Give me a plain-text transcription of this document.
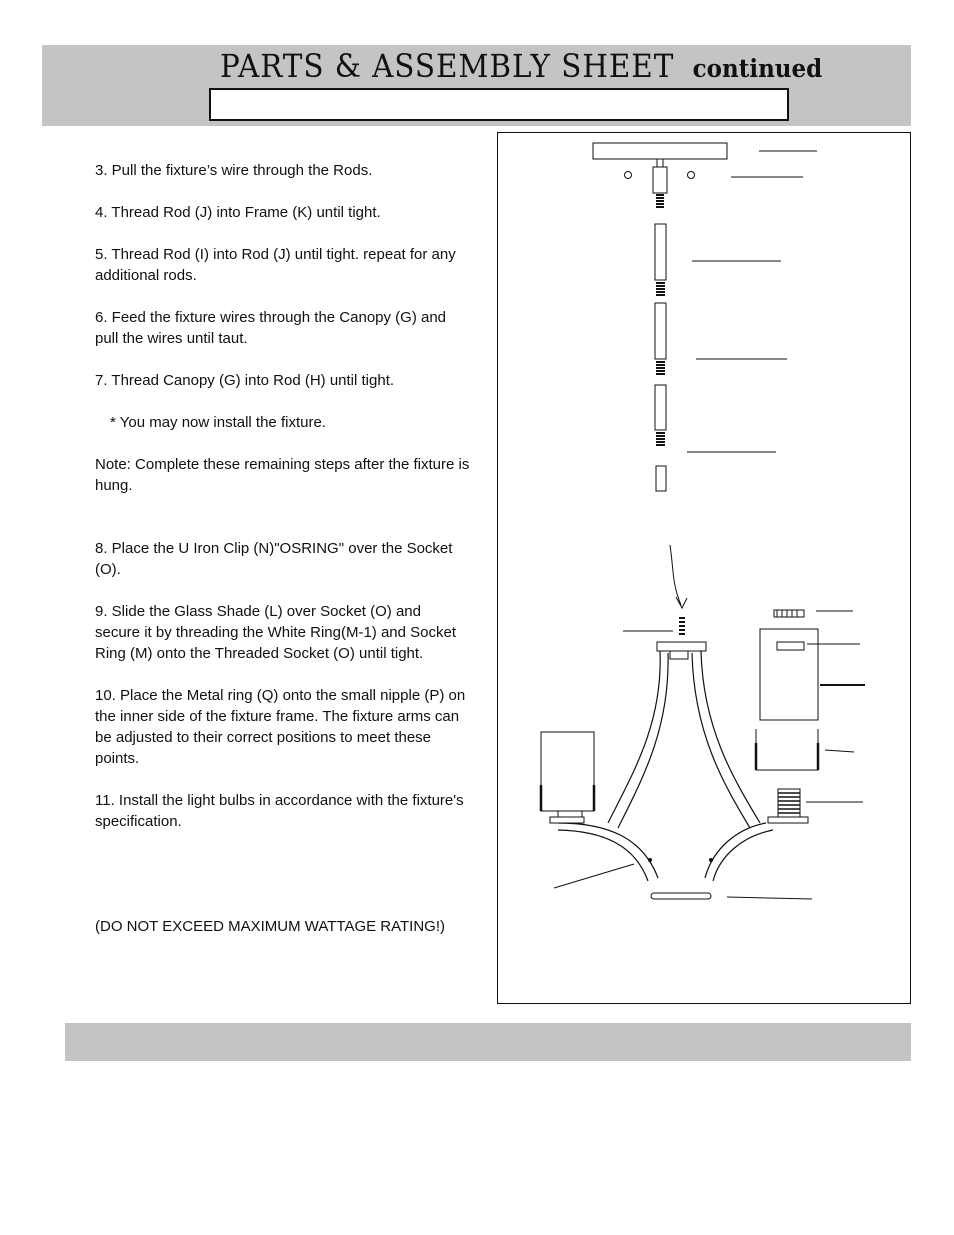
PARTS & ASSEMBLY SHEET continued

3. Pull the fixture’s wire through the Rods.

4. Thread Rod (J) into Frame (K) until tight.

5. Thread Rod (I) into Rod (J) until tight. repeat for any additional rods.

6. Feed the fixture wires through the Canopy (G) and pull the wires until taut.

7. Thread Canopy (G) into Rod (H) until tight.

* You may now install the fixture.

Note: Complete these remaining steps after the fixture is hung.

8. Place the U Iron Clip (N)"OSRING" over the Socket (O).

9. Slide the Glass Shade (L) over Socket (O) and secure it by threading the White Ring(M-1) and Socket Ring (M) onto the Threaded Socket (O) until tight.

10. Place the Metal ring (Q) onto the small nipple (P) on the inner side of the fixture frame. The fixture arms can be adjusted to their correct positions to meet these points.

11. Install the light bulbs in accordance with the fixture's specification.

(DO NOT EXCEED MAXIMUM WATTAGE RATING!)
